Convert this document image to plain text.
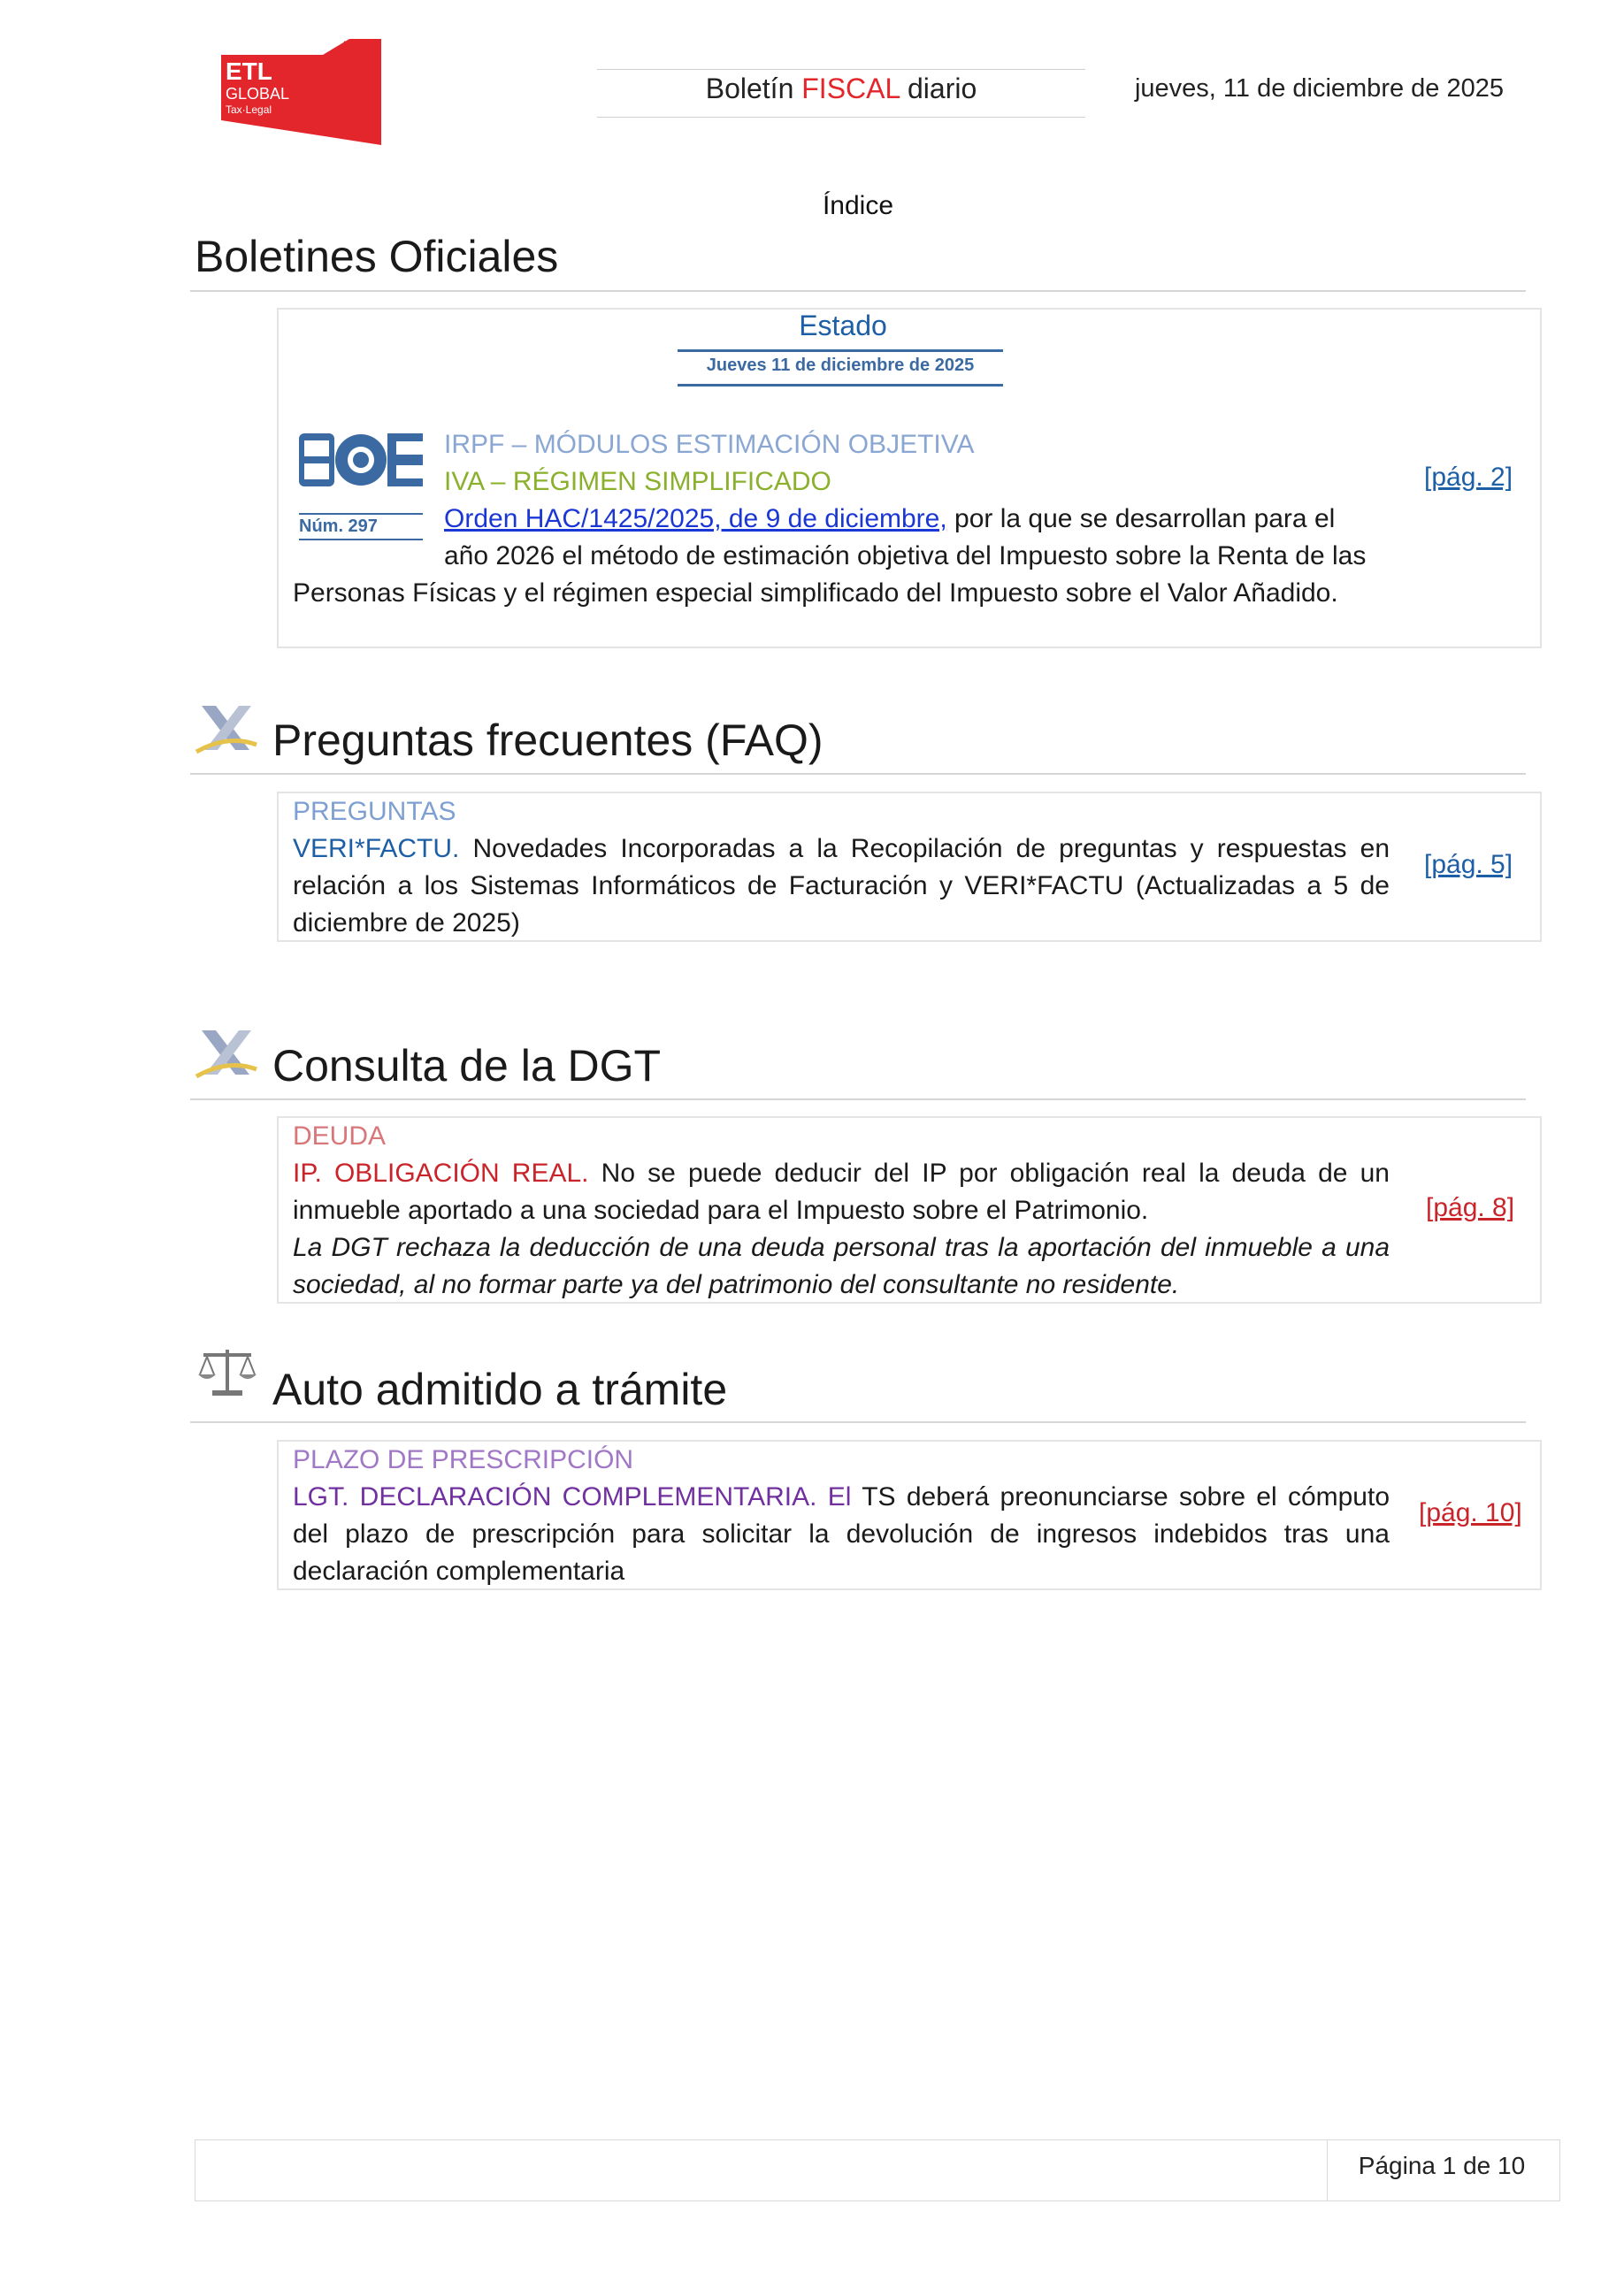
ADD
ETL
GLOBAL
Tax·Legal
Boletín FISCAL diario	jueves, 11 de diciembre de 2025
Índice
Boletines Oficiales
Estado
Jueves 11 de diciembre de 2025
Núm. 297
IRPF – MÓDULOS ESTIMACIÓN OBJETIVA
IVA – RÉGIMEN SIMPLIFICADO
Orden HAC/1425/2025, de 9 de diciembre, por la que se desarrollan para el
año 2026 el método de estimación objetiva del Impuesto sobre la Renta de las
Personas Físicas y el régimen especial simplificado del Impuesto sobre el Valor Añadido.
[pág. 2]
Preguntas frecuentes (FAQ)
PREGUNTAS
VERI*FACTU. Novedades Incorporadas a la Recopilación de preguntas y respuestas en relación a los Sistemas Informáticos de Facturación y VERI*FACTU (Actualizadas a 5 de diciembre de 2025)
[pág. 5]
Consulta de la DGT
DEUDA
IP. OBLIGACIÓN REAL. No se puede deducir del IP por obligación real la deuda de un inmueble aportado a una sociedad para el Impuesto sobre el Patrimonio.
La DGT rechaza la deducción de una deuda personal tras la aportación del inmueble a una sociedad, al no formar parte ya del patrimonio del consultante no residente.
[pág. 8]
Auto admitido a trámite
PLAZO DE PRESCRIPCIÓN
LGT. DECLARACIÓN COMPLEMENTARIA. El TS deberá preonunciarse sobre el cómputo del plazo de prescripción para solicitar la devolución de ingresos indebidos tras una declaración complementaria
[pág. 10]
Página 1 de 10
